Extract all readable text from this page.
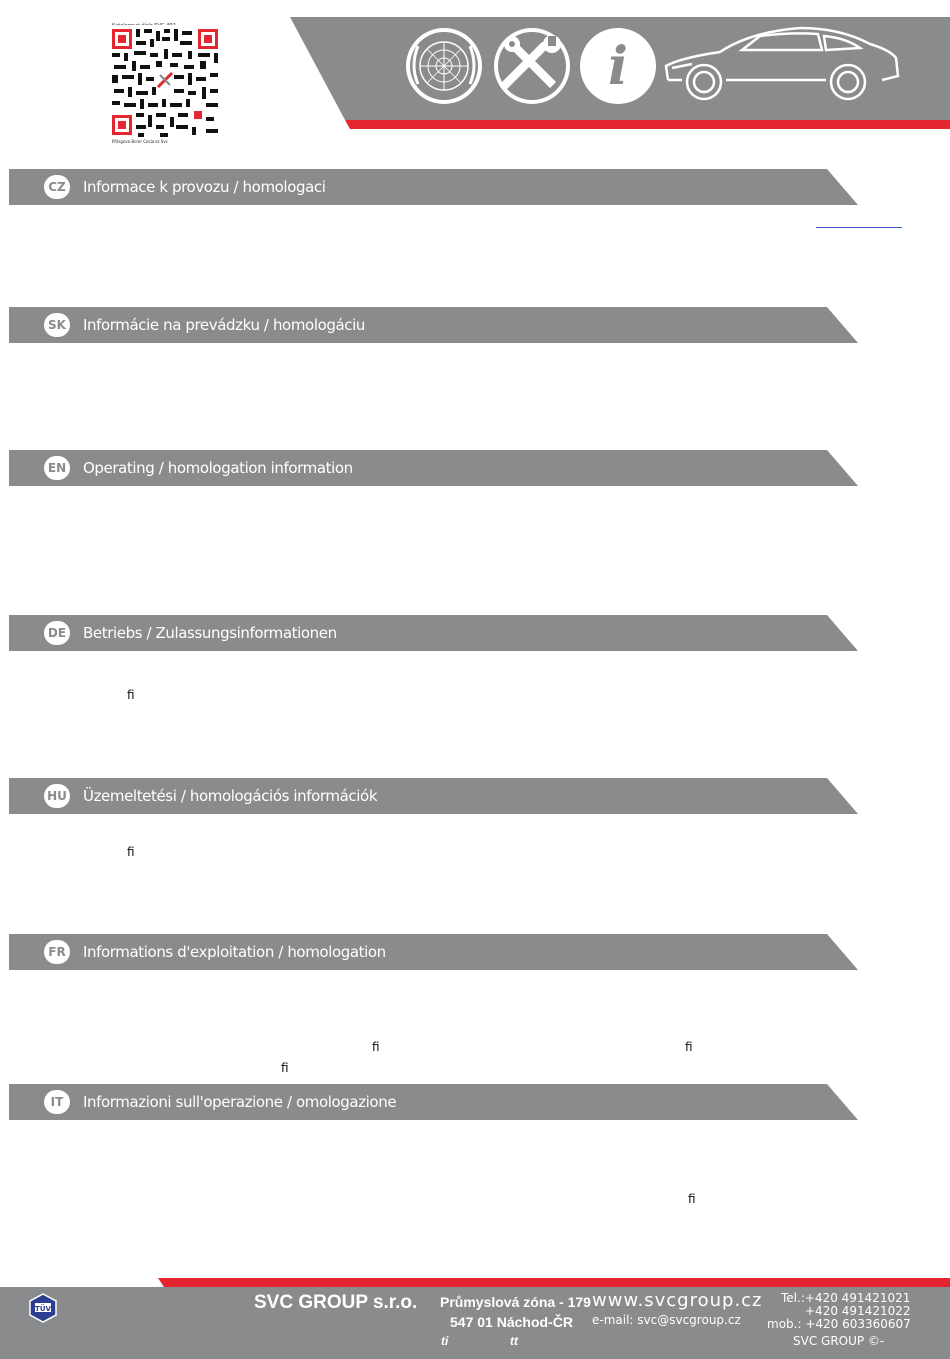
Přílsgova Bcrer Cocanrz Svc
i
CZ Informace k provozu / homologaci
SK Informácie na prevádzku / homologáciu
EN Operating / homologation information
DE Betriebs / Zulassungsinformationen
HU Üzemeltetési / homologációs információk
FR Informations d'exploitation / homologation
IT	Informazioni sull'operazione / omologazione
ﬁ
ﬁ
ﬁ	ﬁ
ﬁ
ﬁ
TÜV	SVC GROUP s.r.o. Průmyslová zóna - 179
547 01 Náchod-ČR
www.svcgroup.cz
e-mail: svc@svcgroup.cz
Tel.:+420 491421021
+420 491421022
mob.: +420 603360607
SVC GROUP ©-
ti	tt
